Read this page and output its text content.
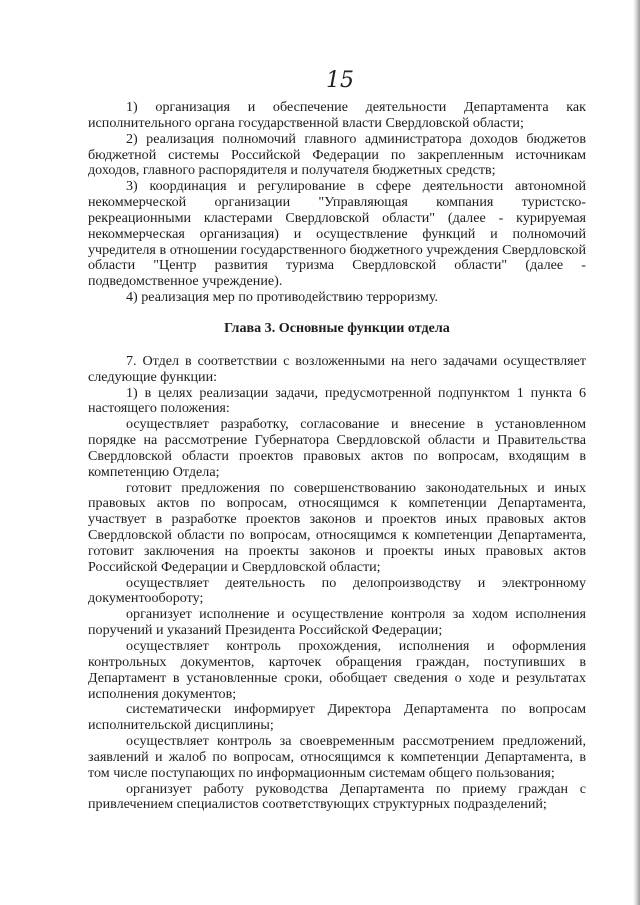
15

1) организация и обеспечение деятельности Департамента как исполнительного органа государственной власти Свердловской области;

2) реализация полномочий главного администратора доходов бюджетов бюджетной системы Российской Федерации по закрепленным источникам доходов, главного распорядителя и получателя бюджетных средств;

3) координация и регулирование в сфере деятельности автономной некоммерческой организации "Управляющая компания туристско-рекреационными кластерами Свердловской области" (далее - курируемая некоммерческая организация) и осуществление функций и полномочий учредителя в отношении государственного бюджетного учреждения Свердловской области "Центр развития туризма Свердловской области" (далее - подведомственное учреждение).

4) реализация мер по противодействию терроризму.

Глава 3. Основные функции отдела

7. Отдел в соответствии с возложенными на него задачами осуществляет следующие функции:

1) в целях реализации задачи, предусмотренной подпунктом 1 пункта 6 настоящего положения:

осуществляет разработку, согласование и внесение в установленном порядке на рассмотрение Губернатора Свердловской области и Правительства Свердловской области проектов правовых актов по вопросам, входящим в компетенцию Отдела;

готовит предложения по совершенствованию законодательных и иных правовых актов по вопросам, относящимся к компетенции Департамента, участвует в разработке проектов законов и проектов иных правовых актов Свердловской области по вопросам, относящимся к компетенции Департамента, готовит заключения на проекты законов и проекты иных правовых актов Российской Федерации и Свердловской области;

осуществляет деятельность по делопроизводству и электронному документообороту;

организует исполнение и осуществление контроля за ходом исполнения поручений и указаний Президента Российской Федерации;

осуществляет контроль прохождения, исполнения и оформления контрольных документов, карточек обращения граждан, поступивших в Департамент в установленные сроки, обобщает сведения о ходе и результатах исполнения документов;

систематически информирует Директора Департамента по вопросам исполнительской дисциплины;

осуществляет контроль за своевременным рассмотрением предложений, заявлений и жалоб по вопросам, относящимся к компетенции Департамента, в том числе поступающих по информационным системам общего пользования;

организует работу руководства Департамента по приему граждан с привлечением специалистов соответствующих структурных подразделений;
